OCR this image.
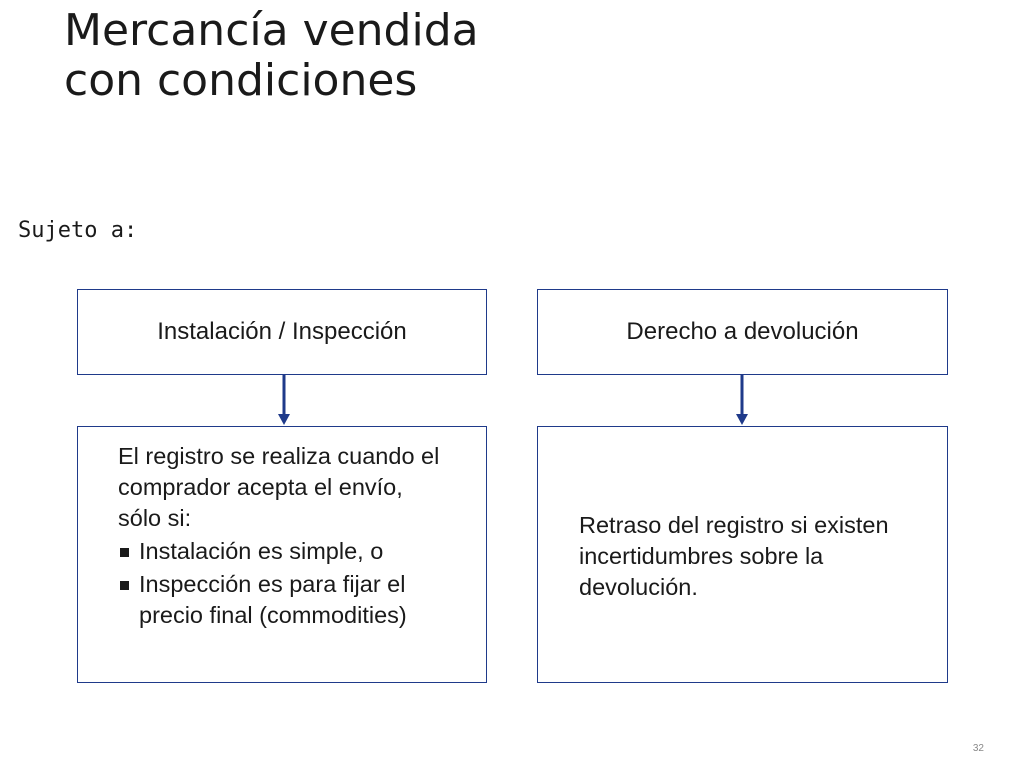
Mercancía vendida
con condiciones
Sujeto a:
Instalación / Inspección

El registro se realiza cuando el comprador acepta el envío, sólo si:

Instalación es simple, o
Inspección es para fijar el precio final (commodities)
Derecho a devolución
Retraso del registro si existen incertidumbres sobre la devolución.
32
